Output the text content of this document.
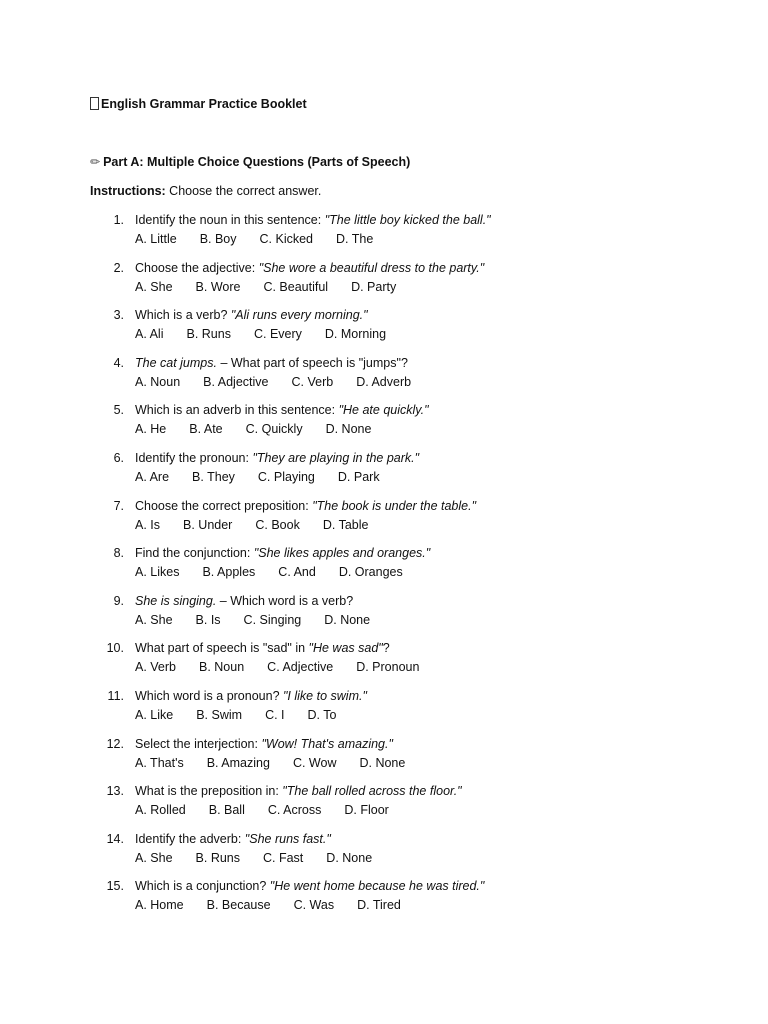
English Grammar Practice Booklet
✏ Part A: Multiple Choice Questions (Parts of Speech)
Instructions: Choose the correct answer.
1. Identify the noun in this sentence: "The little boy kicked the ball."
A. Little B. Boy C. Kicked D. The
2. Choose the adjective: "She wore a beautiful dress to the party."
A. She B. Wore C. Beautiful D. Party
3. Which is a verb? "Ali runs every morning."
A. Ali B. Runs C. Every D. Morning
4. The cat jumps. – What part of speech is "jumps"?
A. Noun B. Adjective C. Verb D. Adverb
5. Which is an adverb in this sentence: "He ate quickly."
A. He B. Ate C. Quickly D. None
6. Identify the pronoun: "They are playing in the park."
A. Are B. They C. Playing D. Park
7. Choose the correct preposition: "The book is under the table."
A. Is B. Under C. Book D. Table
8. Find the conjunction: "She likes apples and oranges."
A. Likes B. Apples C. And D. Oranges
9. She is singing. – Which word is a verb?
A. She B. Is C. Singing D. None
10. What part of speech is "sad" in "He was sad"?
A. Verb B. Noun C. Adjective D. Pronoun
11. Which word is a pronoun? "I like to swim."
A. Like B. Swim C. I D. To
12. Select the interjection: "Wow! That's amazing."
A. That's B. Amazing C. Wow D. None
13. What is the preposition in: "The ball rolled across the floor."
A. Rolled B. Ball C. Across D. Floor
14. Identify the adverb: "She runs fast."
A. She B. Runs C. Fast D. None
15. Which is a conjunction? "He went home because he was tired."
A. Home B. Because C. Was D. Tired
